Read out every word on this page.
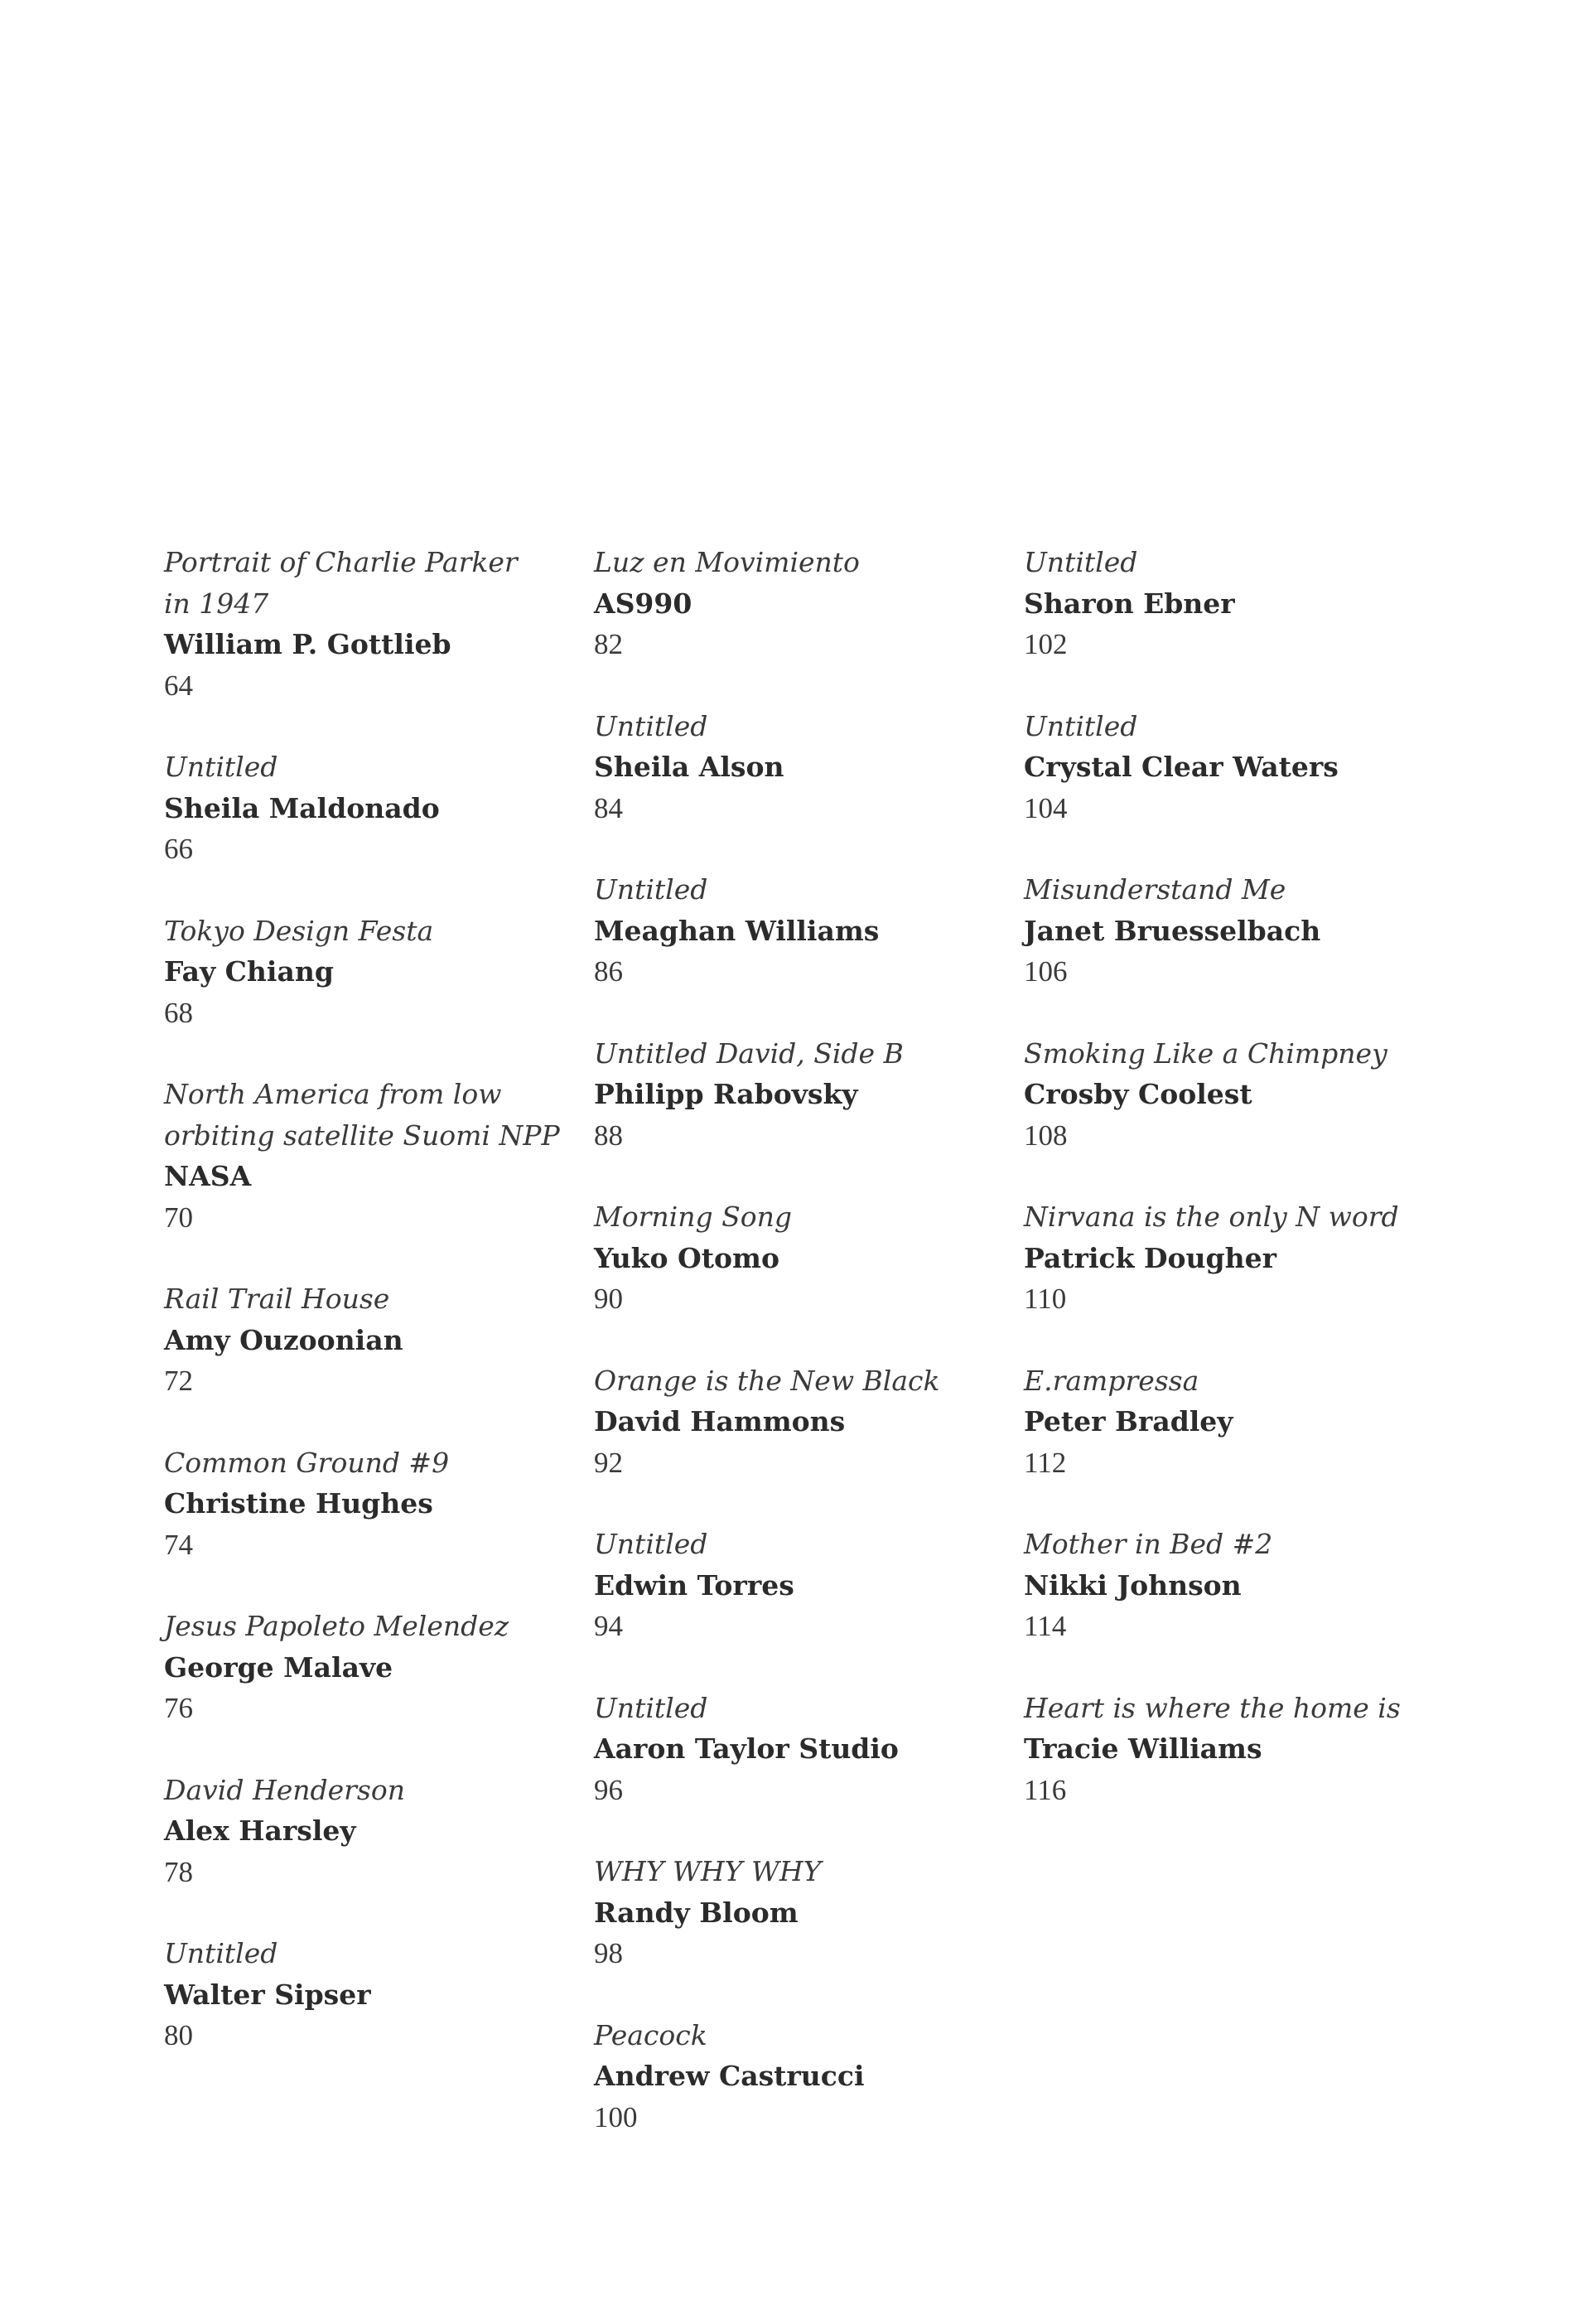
Portrait of Charlie Parker
in 1947
William P. Gottlieb
64
Untitled
Sheila Maldonado
66
Tokyo Design Festa
Fay Chiang
68
North America from low
orbiting satellite Suomi NPP
NASA
70
Rail Trail House
Amy Ouzoonian
72
Common Ground #9
Christine Hughes
74
Jesus Papoleto Melendez
George Malave
76
David Henderson
Alex Harsley
78
Untitled
Walter Sipser
80
Luz en Movimiento
AS990
82
Untitled
Sheila Alson
84
Untitled
Meaghan Williams
86
Untitled David, Side B
Philipp Rabovsky
88
Morning Song
Yuko Otomo
90
Orange is the New Black
David Hammons
92
Untitled
Edwin Torres
94
Untitled
Aaron Taylor Studio
96
WHY WHY WHY
Randy Bloom
98
Peacock
Andrew Castrucci
100
Untitled
Sharon Ebner
102
Untitled
Crystal Clear Waters
104
Misunderstand Me
Janet Bruesselbach
106
Smoking Like a Chimpney
Crosby Coolest
108
Nirvana is the only N word
Patrick Dougher
110
E.rampressa
Peter Bradley
112
Mother in Bed #2
Nikki Johnson
114
Heart is where the home is
Tracie Williams
116
